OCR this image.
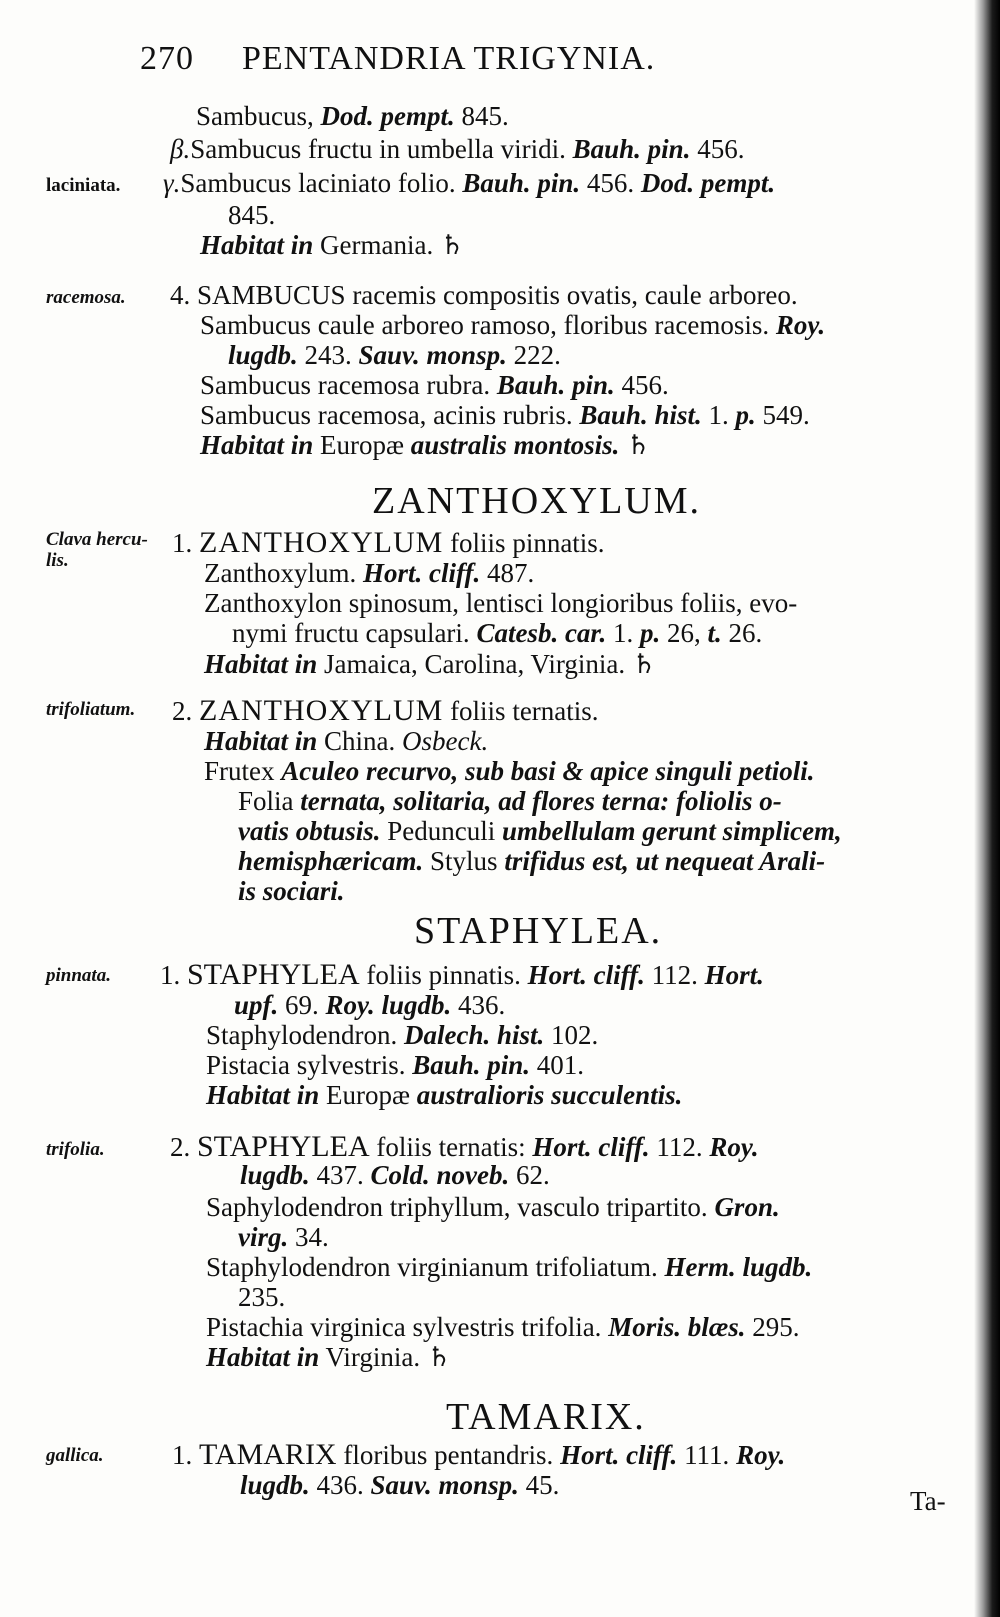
270 PENTANDRIA TRIGYNIA.
Sambucus, Dod. pempt. 845.
β.Sambucus fructu in umbella viridi. Bauh. pin. 456.
laciniata. γ.Sambucus laciniato folio. Bauh. pin. 456. Dod. pempt.
845.
Habitat in Germania. ♄
racemosa. 4. SAMBUCUS racemis compositis ovatis, caule arboreo.
Sambucus caule arboreo ramoso, floribus racemosis. Roy.
lugdb. 243. Sauv. monsp. 222.
Sambucus racemosa rubra. Bauh. pin. 456.
Sambucus racemosa, acinis rubris. Bauh. hist. 1. p. 549.
Habitat in Europæ australis montosis. ♄
ZANTHOXYLUM.
Clava hercu- lis.
1. ZANTHOXYLUM foliis pinnatis.
Zanthoxylum. Hort. cliff. 487.
Zanthoxylon spinosum, lentisci longioribus foliis, evo-
nymi fructu capsulari. Catesb. car. 1. p. 26, t. 26.
Habitat in Jamaica, Carolina, Virginia. ♄
trifoliatum. 2. ZANTHOXYLUM foliis ternatis.
Habitat in China. Osbeck.
Frutex Aculeo recurvo, sub basi & apice singuli petioli.
Folia ternata, solitaria, ad flores terna: foliolis o-
vatis obtusis. Pedunculi umbellulam gerunt simplicem,
hemisphæricam. Stylus trifidus est, ut nequeat Arali-
is sociari.
STAPHYLEA.
pinnata. 1. STAPHYLEA foliis pinnatis. Hort. cliff. 112. Hort.
upf. 69. Roy. lugdb. 436.
Staphylodendron. Dalech. hist. 102.
Pistacia sylvestris. Bauh. pin. 401.
Habitat in Europæ australioris succulentis.
trifolia. 2. STAPHYLEA foliis ternatis: Hort. cliff. 112. Roy.
lugdb. 437. Cold. noveb. 62.
Saphylodendron triphyllum, vasculo tripartito. Gron.
virg. 34.
Staphylodendron virginianum trifoliatum. Herm. lugdb.
235.
Pistachia virginica sylvestris trifolia. Moris. blæs. 295.
Habitat in Virginia. ♄
TAMARIX.
gallica.	1. TAMARIX floribus pentandris. Hort. cliff. 111. Roy.
lugdb. 436. Sauv. monsp. 45.
Ta-
